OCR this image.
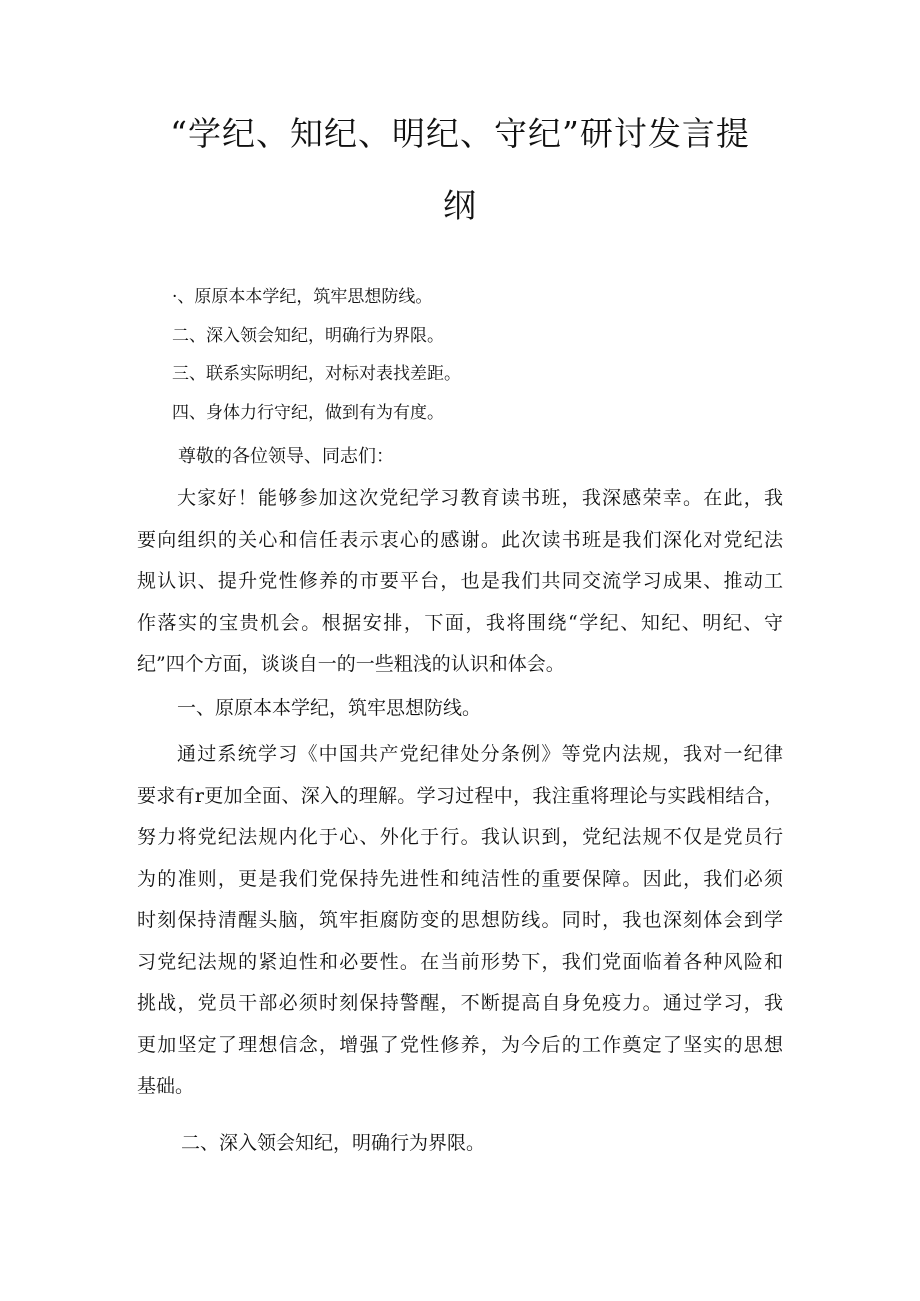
“学纪、知纪、明纪、守纪”研讨发言提
纲
·、原原本本学纪，筑牢思想防线。
二、深入领会知纪，明确行为界限。
三、联系实际明纪，对标对表找差距。
四、身体力行守纪，做到有为有度。
尊敬的各位领导、同志们：
大家好！能够参加这次党纪学习教育读书班，我深感荣幸。在此，我
要向组织的关心和信任表示衷心的感谢。此次读书班是我们深化对党纪法
规认识、提升党性修养的市要平台，也是我们共同交流学习成果、推动工
作落实的宝贵机会。根据安排，下面，我将围绕“学纪、知纪、明纪、守
纪”四个方面，谈谈自一的一些粗浅的认识和体会。
一、原原本本学纪，筑牢思想防线。
通过系统学习《中国共产党纪律处分条例》等党内法规，我对一纪律
要求有r更加全面、深入的理解。学习过程中，我注重将理论与实践相结合，
努力将党纪法规内化于心、外化于行。我认识到，党纪法规不仅是党员行
为的准则，更是我们党保持先进性和纯洁性的重要保障。因此，我们必须
时刻保持清醒头脑，筑牢拒腐防变的思想防线。同时，我也深刻体会到学
习党纪法规的紧迫性和必要性。在当前形势下，我们党面临着各种风险和
挑战，党员干部必须时刻保持警醒，不断提高自身免疫力。通过学习，我
更加坚定了理想信念，增强了党性修养，为今后的工作奠定了坚实的思想
基础。
二、深入领会知纪，明确行为界限。
